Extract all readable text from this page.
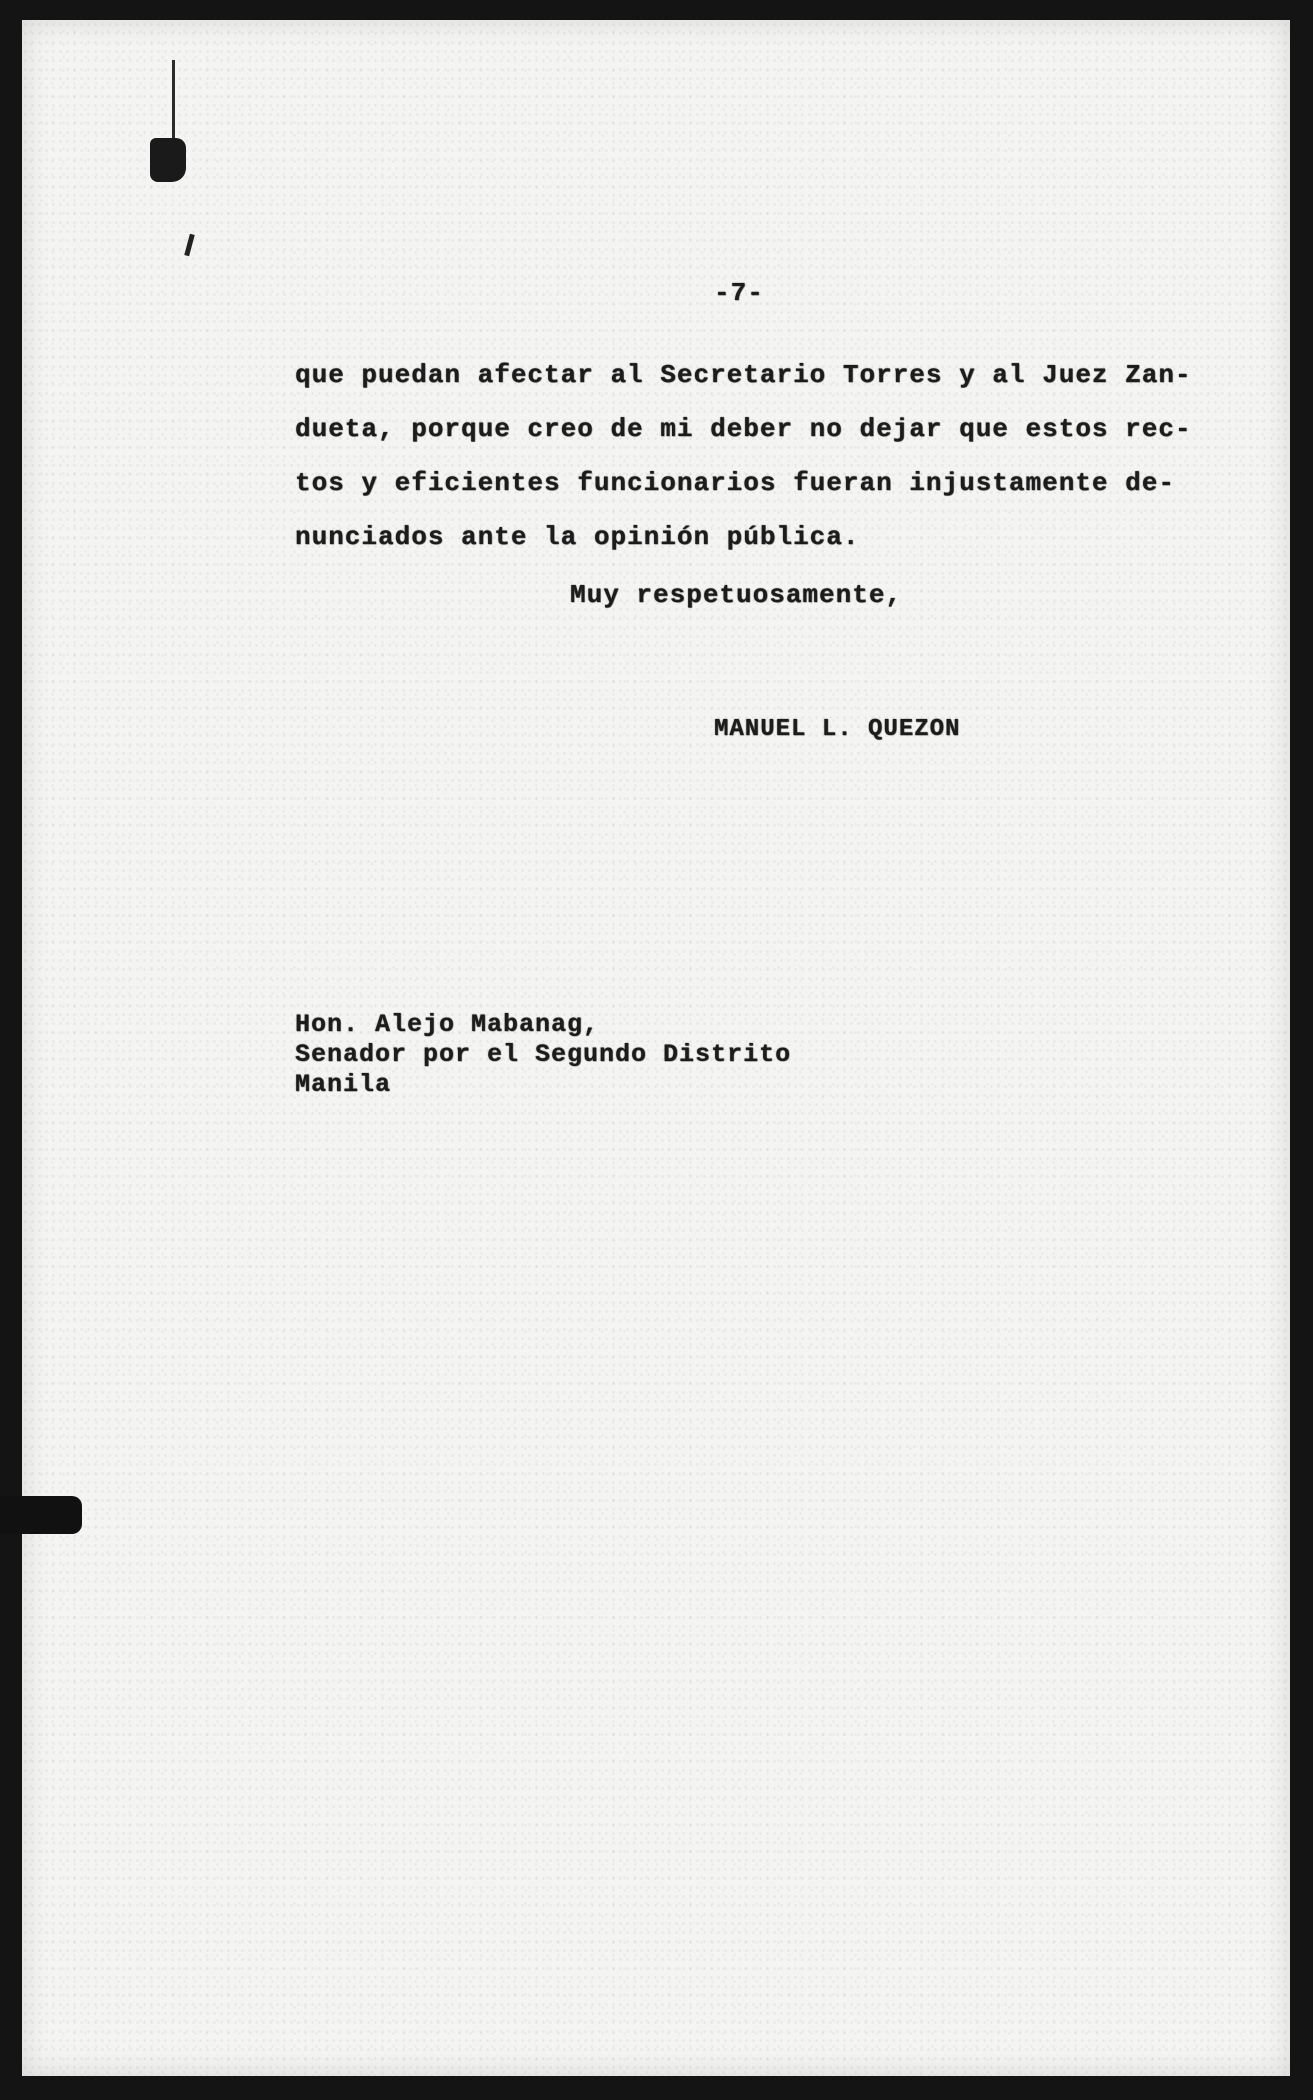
-7-
que puedan afectar al Secretario Torres y al Juez Zan-
dueta, porque creo de mi deber no dejar que estos rec-
tos y eficientes funcionarios fueran injustamente de-
nunciados ante la opinión pública.
Muy respetuosamente,
MANUEL L. QUEZON
Hon. Alejo Mabanag,
Senador por el Segundo Distrito
Manila
